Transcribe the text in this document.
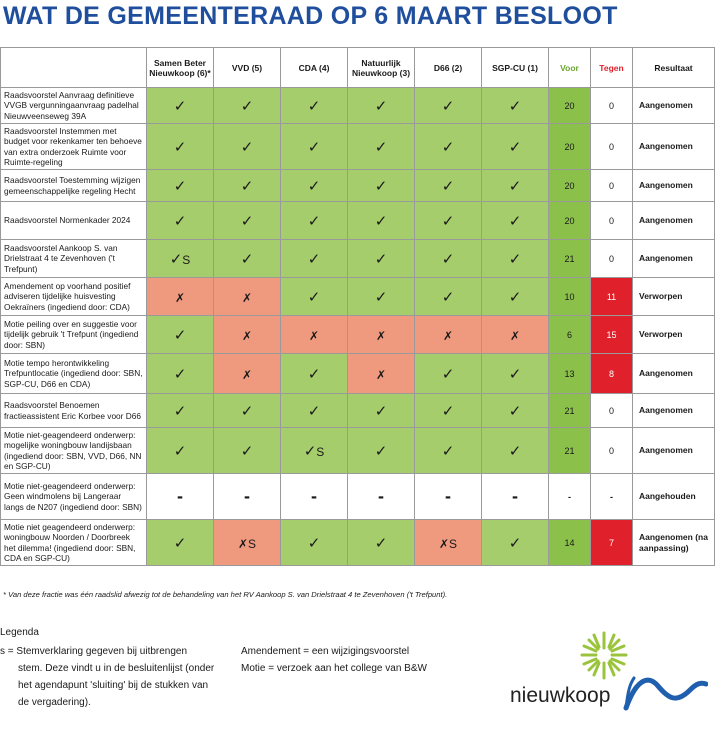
WAT DE GEMEENTERAAD OP 6 MAART BESLOOT
	Samen Beter Nieuwkoop (6)*	VVD (5)	CDA (4)	Natuurlijk Nieuwkoop (3)	D66 (2)	SGP-CU (1)	Voor	Tegen	Resultaat
Raadsvoorstel Aanvraag definitieve VVGB vergunningaanvraag padelhal Nieuwveenseweg 39A	✓	✓	✓	✓	✓	✓	20	0	Aangenomen
Raadsvoorstel Instemmen met budget voor rekenkamer ten behoeve van extra onderzoek Ruimte voor Ruimte-regeling	✓	✓	✓	✓	✓	✓	20	0	Aangenomen
Raadsvoorstel Toestemming wijzigen gemeenschappelijke regeling Hecht	✓	✓	✓	✓	✓	✓	20	0	Aangenomen
Raadsvoorstel Normenkader 2024	✓	✓	✓	✓	✓	✓	20	0	Aangenomen
Raadsvoorstel Aankoop S. van Drielstraat 4 te Zevenhoven ('t Trefpunt)	✓S	✓	✓	✓	✓	✓	21	0	Aangenomen
Amendement op voorhand positief adviseren tijdelijke huisvesting Oekraïners (ingediend door: CDA)	✗	✗	✓	✓	✓	✓	10	11	Verworpen
Motie peiling over en suggestie voor tijdelijk gebruik 't Trefpunt (ingediend door: SBN)	✓	✗	✗	✗	✗	✗	6	15	Verworpen
Motie tempo herontwikkeling Trefpuntlocatie (ingediend door: SBN, SGP-CU, D66 en CDA)	✓	✗	✓	✗	✓	✓	13	8	Aangenomen
Raadsvoorstel Benoemen fractieassistent Eric Korbee voor D66	✓	✓	✓	✓	✓	✓	21	0	Aangenomen
Motie niet-geagendeerd onderwerp: mogelijke woningbouw landijsbaan (ingediend door: SBN, VVD, D66, NN en SGP-CU)	✓	✓	✓S	✓	✓	✓	21	0	Aangenomen
Motie niet-geagendeerd onderwerp: Geen windmolens bij Langeraar langs de N207 (ingediend door: SBN)	-	-	-	-	-	-	-	-	Aangehouden
Motie niet geagendeerd onderwerp: woningbouw Noorden / Doorbreek het dilemma! (ingediend door: SBN, CDA en SGP-CU)	✓	✗S	✓	✓	✗S	✓	14	7	Aangenomen (na aanpassing)
* Van deze fractie was één raadslid afwezig tot de behandeling van het RV Aankoop S. van Drielstraat 4 te Zevenhoven ('t Trefpunt).
Legenda
s = Stemverklaring gegeven bij uitbrengen
stem. Deze vindt u in de besluitenlijst (onder
het agendapunt 'sluiting' bij de stukken van
de vergadering).
Amendement = een wijzigingsvoorstel
Motie = verzoek aan het college van B&W
nieuwkoop
